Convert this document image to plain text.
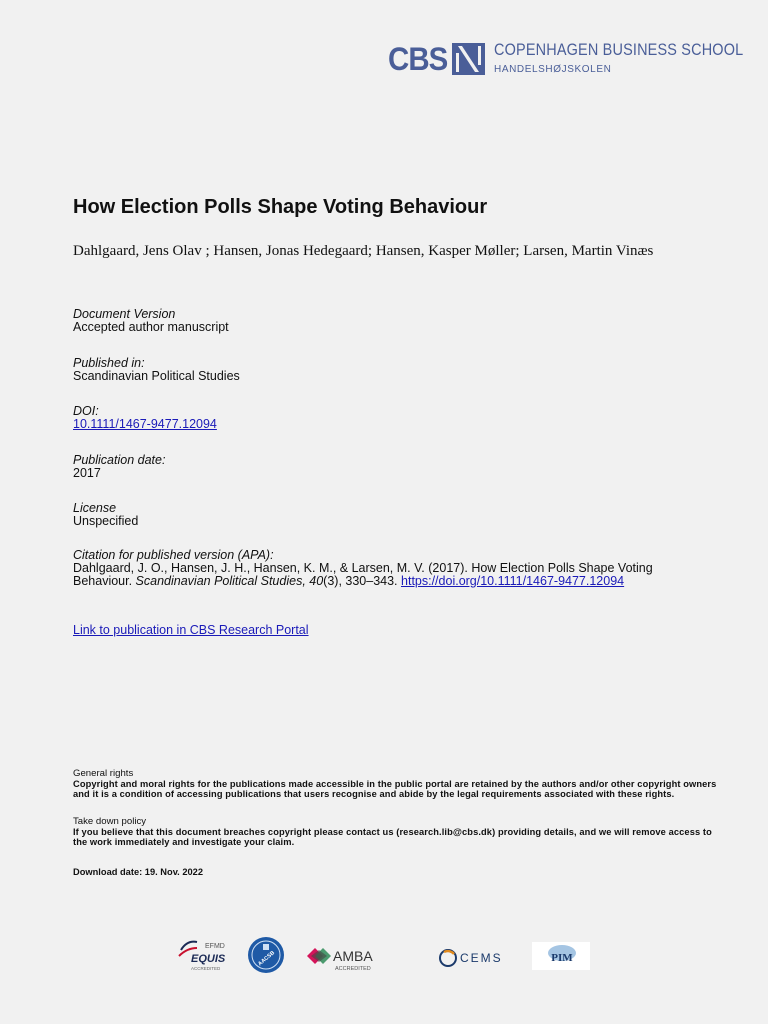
CBS	COPENHAGEN BUSINESS SCHOOL
HANDELSHØJSKOLEN
How Election Polls Shape Voting Behaviour
Dahlgaard, Jens Olav ; Hansen, Jonas Hedegaard; Hansen, Kasper Møller; Larsen, Martin Vinæs
Document Version
Accepted author manuscript
Published in:
Scandinavian Political Studies
DOI:
10.1111/1467-9477.12094
Publication date:
2017
License
Unspecified
Citation for published version (APA):
Dahlgaard, J. O., Hansen, J. H., Hansen, K. M., & Larsen, M. V. (2017). How Election Polls Shape Voting Behaviour. Scandinavian Political Studies, 40(3), 330–343. https://doi.org/10.1111/1467-9477.12094
Link to publication in CBS Research Portal
General rights
Copyright and moral rights for the publications made accessible in the public portal are retained by the authors and/or other copyright owners and it is a condition of accessing publications that users recognise and abide by the legal requirements associated with these rights.
Take down policy
If you believe that this document breaches copyright please contact us (research.lib@cbs.dk) providing details, and we will remove access to the work immediately and investigate your claim.
Download date: 19. Nov. 2022
EFMD
EQUIS
ACCREDITED
AACSB	AMBA
ACCREDITED
CEMS	PIM
